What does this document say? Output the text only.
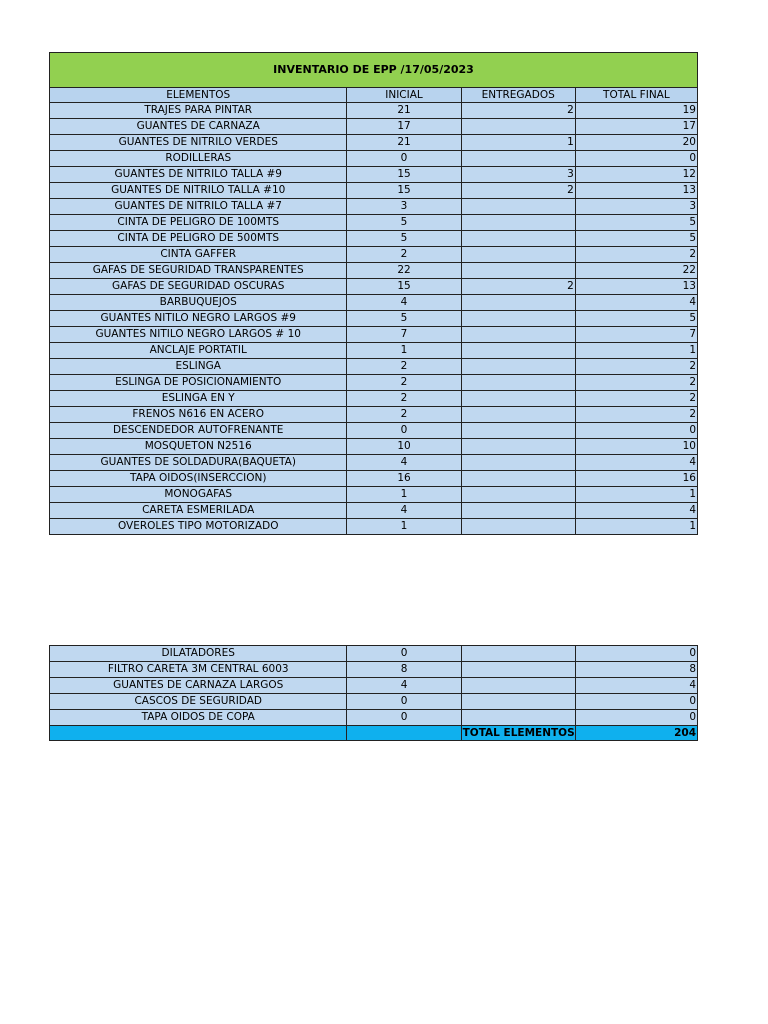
INVENTARIO DE EPP /17/05/2023			
ELEMENTOS	INICIAL	ENTREGADOS	TOTAL FINAL
TRAJES PARA PINTAR	21	2	19
GUANTES DE CARNAZA	17		17
GUANTES DE NITRILO VERDES	21	1	20
RODILLERAS	0		0
GUANTES DE NITRILO TALLA #9	15	3	12
GUANTES DE NITRILO TALLA #10	15	2	13
GUANTES DE NITRILO TALLA #7	3		3
CINTA DE PELIGRO DE 100MTS	5		5
CINTA DE PELIGRO DE 500MTS	5		5
CINTA GAFFER	2		2
GAFAS DE SEGURIDAD TRANSPARENTES	22		22
GAFAS DE SEGURIDAD OSCURAS	15	2	13
BARBUQUEJOS	4		4
GUANTES NITILO NEGRO LARGOS #9	5		5
GUANTES NITILO NEGRO LARGOS # 10	7		7
ANCLAJE PORTATIL	1		1
ESLINGA	2		2
ESLINGA DE POSICIONAMIENTO	2		2
ESLINGA EN Y	2		2
FRENOS N616 EN ACERO	2		2
DESCENDEDOR AUTOFRENANTE	0		0
MOSQUETON N2516	10		10
GUANTES DE SOLDADURA(BAQUETA)	4		4
TAPA OIDOS(INSERCCION)	16		16
MONOGAFAS	1		1
CARETA ESMERILADA	4		4
OVEROLES TIPO MOTORIZADO	1		1
DILATADORES	0		0
FILTRO CARETA 3M CENTRAL 6003	8		8
GUANTES DE CARNAZA LARGOS	4		4
CASCOS DE SEGURIDAD	0		0
TAPA OIDOS DE COPA	0		0
		TOTAL ELEMENTOS	204
